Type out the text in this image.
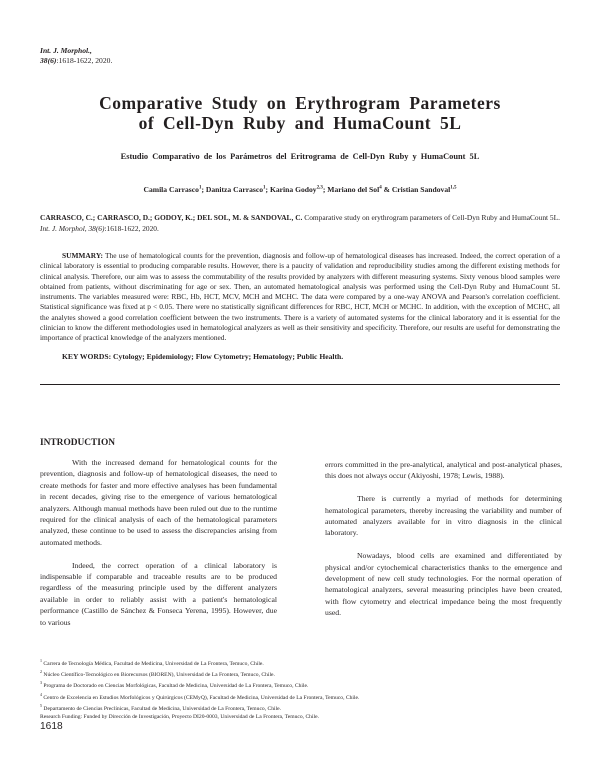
Int. J. Morphol.,
38(6):1618-1622, 2020.
Comparative Study on Erythrogram Parameters
of Cell-Dyn Ruby and HumaCount 5L
Estudio Comparativo de los Parámetros del Eritrograma de Cell-Dyn Ruby y HumaCount 5L
Camila Carrasco$^1$; Danitza Carrasco$^1$; Karina Godoy$^{2,3}$; Mariano del Sol$^4$ & Cristian Sandoval$^{1,5}$
CARRASCO, C.; CARRASCO, D.; GODOY, K.; DEL SOL, M. & SANDOVAL, C. Comparative study on erythrogram parameters of Cell-Dyn Ruby and HumaCount 5L. Int. J. Morphol, 38(6):1618-1622, 2020.
SUMMARY: The use of hematological counts for the prevention, diagnosis and follow-up of hematological diseases has increased. Indeed, the correct operation of a clinical laboratory is essential to producing comparable results. However, there is a paucity of validation and reproducibility studies among the different existing methods for clinical analysis. Therefore, our aim was to assess the commutability of the results provided by analyzers with different measuring systems. Sixty venous blood samples were obtained from patients, without discriminating for age or sex. Then, an automated hematological analysis was performed using the Cell-Dyn Ruby and HumaCount 5L instruments. The variables measured were: RBC, Hb, HCT, MCV, MCH and MCHC. The data were compared by a one-way ANOVA and Pearson's correlation coefficient. Statistical significance was fixed at p < 0.05. There were no statistically significant differences for RBC, HCT, MCH or MCHC. In addition, with the exception of MCHC, all the analytes showed a good correlation coefficient between the two instruments. There is a variety of automated systems for the clinical laboratory and it is essential for the clinician to know the different methodologies used in hematological analyzers as well as their sensitivity and specificity. Therefore, our results are useful for demonstrating the importance of practical knowledge of the analyzers mentioned.
KEY WORDS: Cytology; Epidemiology; Flow Cytometry; Hematology; Public Health.
INTRODUCTION

With the increased demand for hematological counts for the prevention, diagnosis and follow-up of hematological diseases, the need to create methods for faster and more effective analyses has been fundamental in recent decades, giving rise to the emergence of various hematological analyzers. Although manual methods have been ruled out due to the runtime required for the clinical analysis of each of the hematological parameters analyzed, these continue to be used to assess the discrepancies arising from automated methods.

Indeed, the correct operation of a clinical laboratory is indispensable if comparable and traceable results are to be produced regardless of the measuring principle used by the different analyzers available in order to reliably assist with a patient's hematological performance (Castillo de Sánchez & Fonseca Yerena, 1995). However, due to various

errors committed in the pre-analytical, analytical and post-analytical phases, this does not always occur (Akiyoshi, 1978; Lewis, 1988).

There is currently a myriad of methods for determining hematological parameters, thereby increasing the variability and number of automated analyzers available for in vitro diagnosis in the clinical laboratory.

Nowadays, blood cells are examined and differentiated by physical and/or cytochemical characteristics thanks to the emergence and development of new cell study technologies. For the normal operation of hematological analyzers, several measuring principles have been created, with flow cytometry and electrical impedance being the most frequently used.

$^1$ Carrera de Tecnología Médica, Facultad de Medicina, Universidad de La Frontera, Temuco, Chile.
$^2$ Núcleo Científico-Tecnológico en Biorecursos (BIOREN), Universidad de La Frontera, Temuco, Chile.
$^3$ Programa de Doctorado en Ciencias Morfológicas, Facultad de Medicina, Universidad de La Frontera, Temuco, Chile.
$^4$ Centro de Excelencia en Estudios Morfológicos y Quirúrgicos (CEMyQ), Facultad de Medicina, Universidad de La Frontera, Temuco, Chile.
$^5$ Departamento de Ciencias Preclínicas, Facultad de Medicina, Universidad de La Frontera, Temuco, Chile.
Research Funding: Funded by Dirección de Investigación, Proyecto DI20-0003, Universidad de La Frontera, Temuco, Chile.
1618
